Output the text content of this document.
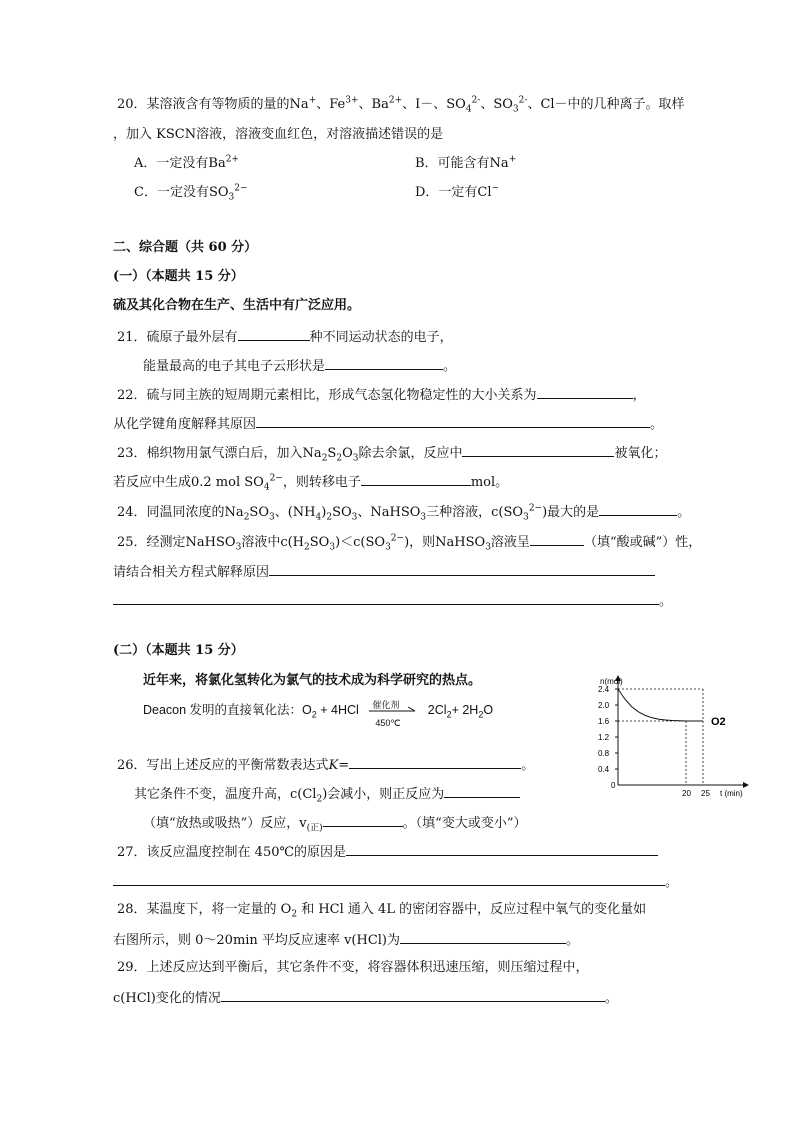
20．某溶液含有等物质的量的Na+、$Fe^{3+}$、$Ba^{2+}$、I－、$SO_4^{2-}$、$SO_3^{2-}$、Cl－中的几种离子。取样
，加入 KSCN溶液，溶液变血红色，对溶液描述错误的是
A．一定没有$Ba^{2+}$	B．可能含有Na+
C．一定没有$SO_3^{2-}$	D．一定有Cl−
二、综合题（共 60 分）
(一）（本题共 15 分）
硫及其化合物在生产、生活中有广泛应用。
21．硫原子最外层有	种不同运动状态的电子，
能量最高的电子其电子云形状是	。
22．硫与同主族的短周期元素相比，形成气态氢化物稳定性的大小关系为	，
从化学键角度解释其原因	。
23．棉织物用氯气漂白后，加入$Na_2S_2O_3$除去余氯，反应中	被氧化；
若反应中生成0.2 mol $SO_4^{2-}$，则转移电子	mol。
24．同温同浓度的$Na_2SO_3$、$(NH_4)_2SO_3$、NaHSO$_3$三种溶液，$c(SO_3^{2-})$最大的是	。
25．经测定NaHSO$_3$溶液中$c(H_2SO_3)<c(SO_3^{2-})$，则NaHSO$_3$溶液呈	（填“酸或碱”）性，
请结合相关方程式解释原因
。
(二）（本题共 15 分）
近年来，将氯化氢转化为氯气的技术成为科学研究的热点。
Deacon 发明的直接氧化法：$O_2 + 4HCl$ 催化剂
450℃
$2Cl_2+ 2H_2O$
n(mol)
t (min)
0
20 25
2.4
2.0
1.6
1.2
0.8
0.4
O2
26．写出上述反应的平衡常数表达式K=	。
其它条件不变，温度升高，$c(Cl_2)$会减小，则正反应为
（填“放热或吸热”）反应，$v_{(正)}$	。（填“变大或变小”）
27．该反应温度控制在 450℃的原因是
。
28．某温度下，将一定量的 $O_2$ 和 HCl 通入 4L 的密闭容器中，反应过程中氧气的变化量如
右图所示，则 0～20min 平均反应速率 v(HCl)为	。
29．上述反应达到平衡后，其它条件不变，将容器体积迅速压缩，则压缩过程中，
c(HCl)变化的情况	。
